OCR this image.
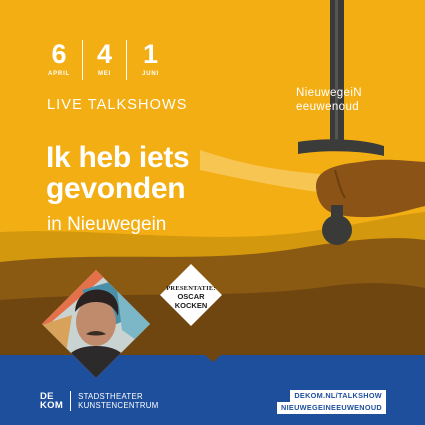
6
APRIL
4
MEI
1
JUNI
LIVE TALKSHOWS
Ik heb iets
gevonden
in Nieuwegein
NieuwegeiN
eeuwenoud
PRESENTATIE:
OSCAR
KOCKEN
DE
KOM
STADSTHEATER
KUNSTENCENTRUM
DEKOM.NL/TALKSHOW
NIEUWEGEINEEUWENOUD
